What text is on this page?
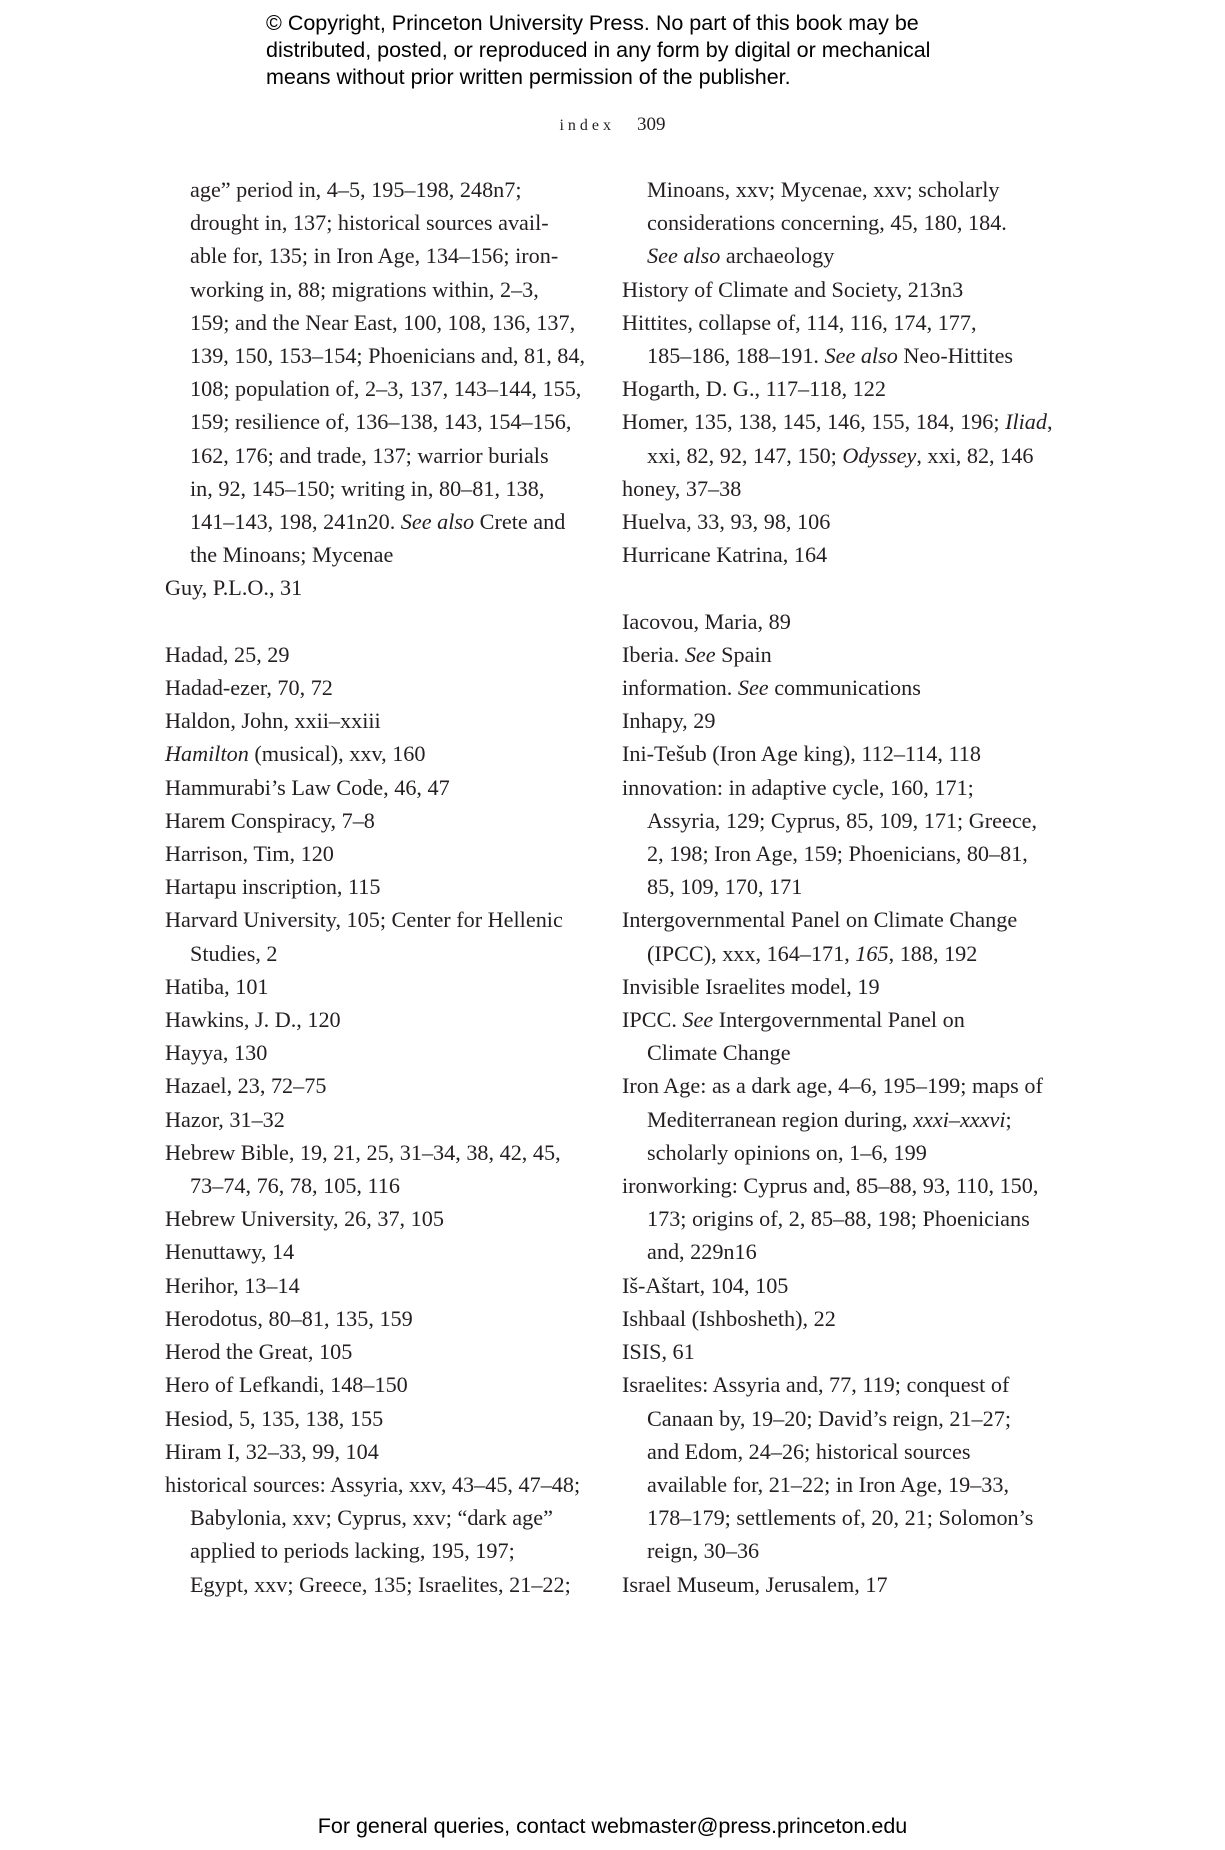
© Copyright, Princeton University Press. No part of this book may be
distributed, posted, or reproduced in any form by digital or mechanical
means without prior written permission of the publisher.
index 309

age” period in, 4–5, 195–198, 248n7;

drought in, 137; historical sources avail-

able for, 135; in Iron Age, 134–156; iron-

working in, 88; migrations within, 2–3,

159; and the Near East, 100, 108, 136, 137,

139, 150, 153–154; Phoenicians and, 81, 84,

108; population of, 2–3, 137, 143–144, 155,

159; resilience of, 136–138, 143, 154–156,

162, 176; and trade, 137; warrior burials

in, 92, 145–150; writing in, 80–81, 138,

141–143, 198, 241n20. See also Crete and

the Minoans; Mycenae

Guy, P.L.O., 31

Hadad, 25, 29

Hadad-ezer, 70, 72

Haldon, John, xxii–xxiii

Hamilton (musical), xxv, 160

Hammurabi’s Law Code, 46, 47

Harem Conspiracy, 7–8

Harrison, Tim, 120

Hartapu inscription, 115

Harvard University, 105; Center for Hellenic

Studies, 2

Hatiba, 101

Hawkins, J. D., 120

Hayya, 130

Hazael, 23, 72–75

Hazor, 31–32

Hebrew Bible, 19, 21, 25, 31–34, 38, 42, 45,

73–74, 76, 78, 105, 116

Hebrew University, 26, 37, 105

Henuttawy, 14

Herihor, 13–14

Herodotus, 80–81, 135, 159

Herod the Great, 105

Hero of Lefkandi, 148–150

Hesiod, 5, 135, 138, 155

Hiram I, 32–33, 99, 104

historical sources: Assyria, xxv, 43–45, 47–48;

Babylonia, xxv; Cyprus, xxv; “dark age”

applied to periods lacking, 195, 197;

Egypt, xxv; Greece, 135; Israelites, 21–22;

Minoans, xxv; Mycenae, xxv; scholarly

considerations concerning, 45, 180, 184.

See also archaeology

History of Climate and Society, 213n3

Hittites, collapse of, 114, 116, 174, 177,

185–186, 188–191. See also Neo-Hittites

Hogarth, D. G., 117–118, 122

Homer, 135, 138, 145, 146, 155, 184, 196; Iliad,

xxi, 82, 92, 147, 150; Odyssey, xxi, 82, 146

honey, 37–38

Huelva, 33, 93, 98, 106

Hurricane Katrina, 164

Iacovou, Maria, 89

Iberia. See Spain

information. See communications

Inhapy, 29

Ini-Tešub (Iron Age king), 112–114, 118

innovation: in adaptive cycle, 160, 171;

Assyria, 129; Cyprus, 85, 109, 171; Greece,

2, 198; Iron Age, 159; Phoenicians, 80–81,

85, 109, 170, 171

Intergovernmental Panel on Climate Change

(IPCC), xxx, 164–171, 165, 188, 192

Invisible Israelites model, 19

IPCC. See Intergovernmental Panel on

Climate Change

Iron Age: as a dark age, 4–6, 195–199; maps of

Mediterranean region during, xxxi–xxxvi;

scholarly opinions on, 1–6, 199

ironworking: Cyprus and, 85–88, 93, 110, 150,

173; origins of, 2, 85–88, 198; Phoenicians

and, 229n16

Iš-Aštart, 104, 105

Ishbaal (Ishbosheth), 22

ISIS, 61

Israelites: Assyria and, 77, 119; conquest of

Canaan by, 19–20; David’s reign, 21–27;

and Edom, 24–26; historical sources

available for, 21–22; in Iron Age, 19–33,

178–179; settlements of, 20, 21; Solomon’s

reign, 30–36

Israel Museum, Jerusalem, 17

For general queries, contact webmaster@press.princeton.edu
